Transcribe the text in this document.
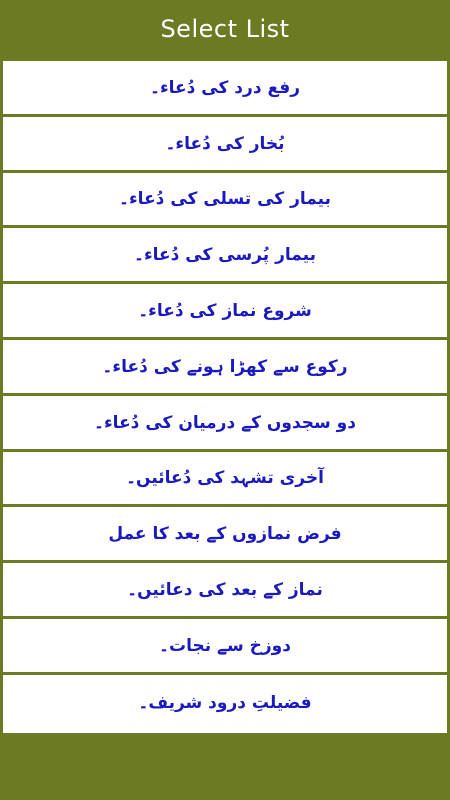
Select List
رفع درد کی دُعاء۔
بُخار کی دُعاء۔
بیمار کی تسلی کی دُعاء۔
بیمار پُرسی کی دُعاء۔
شروع نماز کی دُعاء۔
رکوع سے کھڑا ہونے کی دُعاء۔
دو سجدوں کے درمیان کی دُعاء۔
آخری تشہد کی دُعائیں۔
فرض نمازوں کے بعد کا عمل
نماز کے بعد کی دعائیں۔
دوزخ سے نجات۔
فضیلتِ درود شریف۔
